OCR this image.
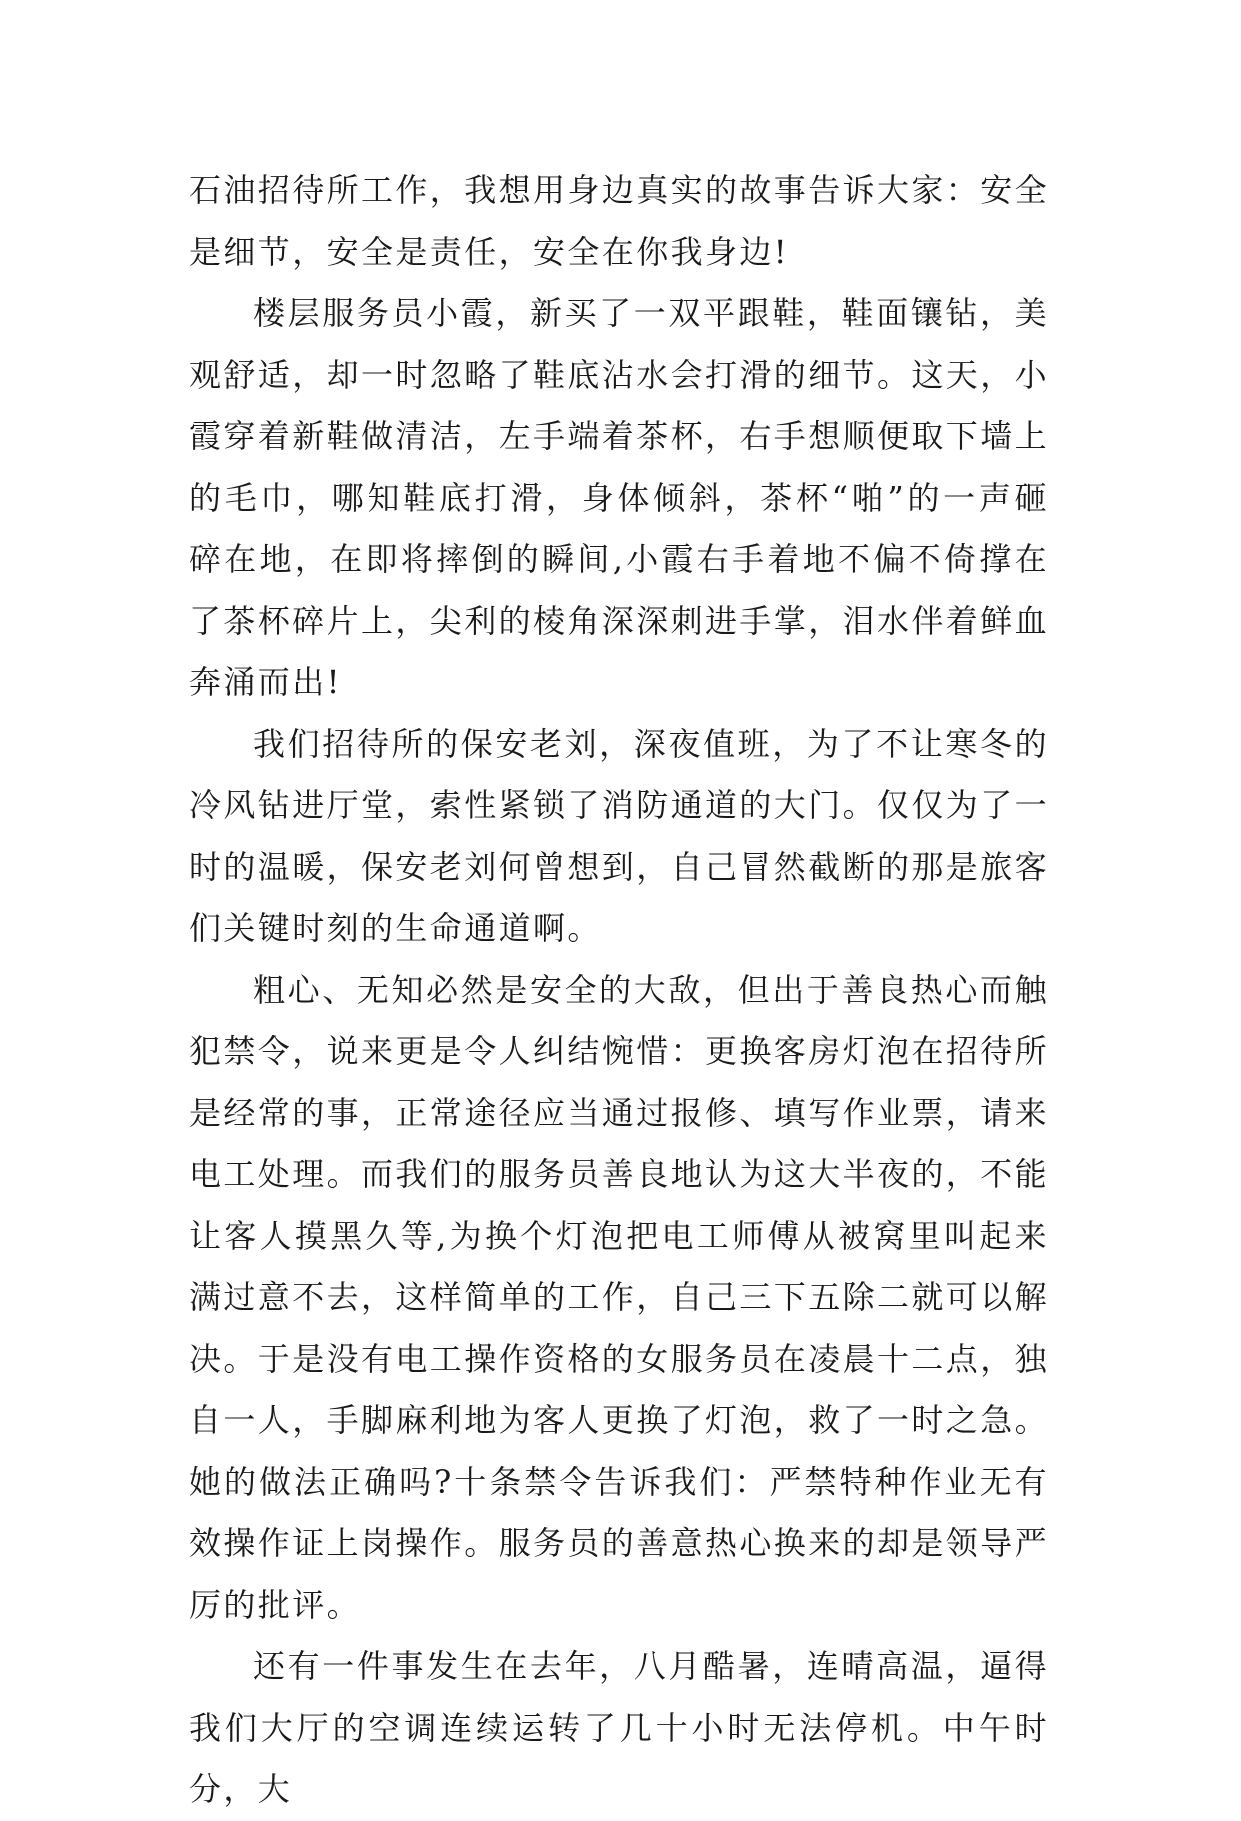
石油招待所工作，我想用身边真实的故事告诉大家：安全是细节，安全是责任，安全在你我身边!

楼层服务员小霞，新买了一双平跟鞋，鞋面镶钻，美观舒适，却一时忽略了鞋底沾水会打滑的细节。这天，小霞穿着新鞋做清洁，左手端着茶杯，右手想顺便取下墙上的毛巾，哪知鞋底打滑，身体倾斜，茶杯“啪”的一声砸碎在地，在即将摔倒的瞬间,小霞右手着地不偏不倚撑在了茶杯碎片上，尖利的棱角深深刺进手掌，泪水伴着鲜血奔涌而出!

我们招待所的保安老刘，深夜值班，为了不让寒冬的冷风钻进厅堂，索性紧锁了消防通道的大门。仅仅为了一时的温暖，保安老刘何曾想到，自己冒然截断的那是旅客们关键时刻的生命通道啊。

粗心、无知必然是安全的大敌，但出于善良热心而触犯禁令，说来更是令人纠结惋惜：更换客房灯泡在招待所是经常的事，正常途径应当通过报修、填写作业票，请来电工处理。而我们的服务员善良地认为这大半夜的，不能让客人摸黑久等,为换个灯泡把电工师傅从被窝里叫起来满过意不去，这样简单的工作，自己三下五除二就可以解决。于是没有电工操作资格的女服务员在凌晨十二点，独自一人，手脚麻利地为客人更换了灯泡，救了一时之急。她的做法正确吗?十条禁令告诉我们：严禁特种作业无有效操作证上岗操作。服务员的善意热心换来的却是领导严厉的批评。

还有一件事发生在去年，八月酷暑，连晴高温，逼得我们大厅的空调连续运转了几十小时无法停机。中午时分，大
